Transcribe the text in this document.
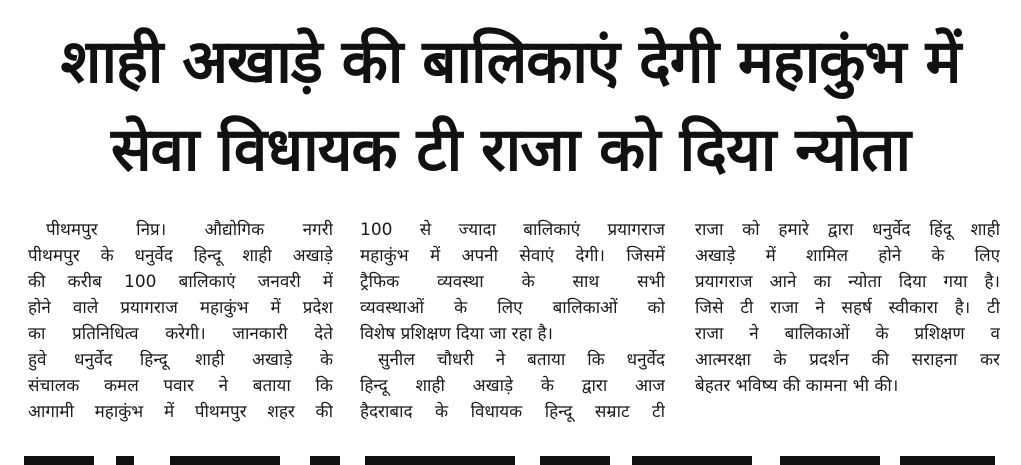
शाही अखाड़े की बालिकाएं देगी महाकुंभ में
सेवा विधायक टी राजा को दिया न्योता
पीथमपुर निप्र। औद्योगिक नगरी
पीथमपुर के धनुर्वेद हिन्दू शाही अखाड़े
की करीब 100 बालिकाएं जनवरी में
होने वाले प्रयागराज महाकुंभ में प्रदेश
का प्रतिनिधित्व करेगी। जानकारी देते
हुवे धनुर्वेद हिन्दू शाही अखाड़े के
संचालक कमल पवार ने बताया कि
आगामी महाकुंभ में पीथमपुर शहर की
100 से ज्यादा बालिकाएं प्रयागराज
महाकुंभ में अपनी सेवाएं देगी। जिसमें
ट्रैफिक व्यवस्था के साथ सभी
व्यवस्थाओं के लिए बालिकाओं को
विशेष प्रशिक्षण दिया जा रहा है।
सुनील चौधरी ने बताया कि धनुर्वेद
हिन्दू शाही अखाड़े के द्वारा आज
हैदराबाद के विधायक हिन्दू सम्राट टी
राजा को हमारे द्वारा धनुर्वेद हिंदू शाही
अखाड़े में शामिल होने के लिए
प्रयागराज आने का न्योता दिया गया है।
जिसे टी राजा ने सहर्ष स्वीकारा है। टी
राजा ने बालिकाओं के प्रशिक्षण व
आत्मरक्षा के प्रदर्शन की सराहना कर
बेहतर भविष्य की कामना भी की।
